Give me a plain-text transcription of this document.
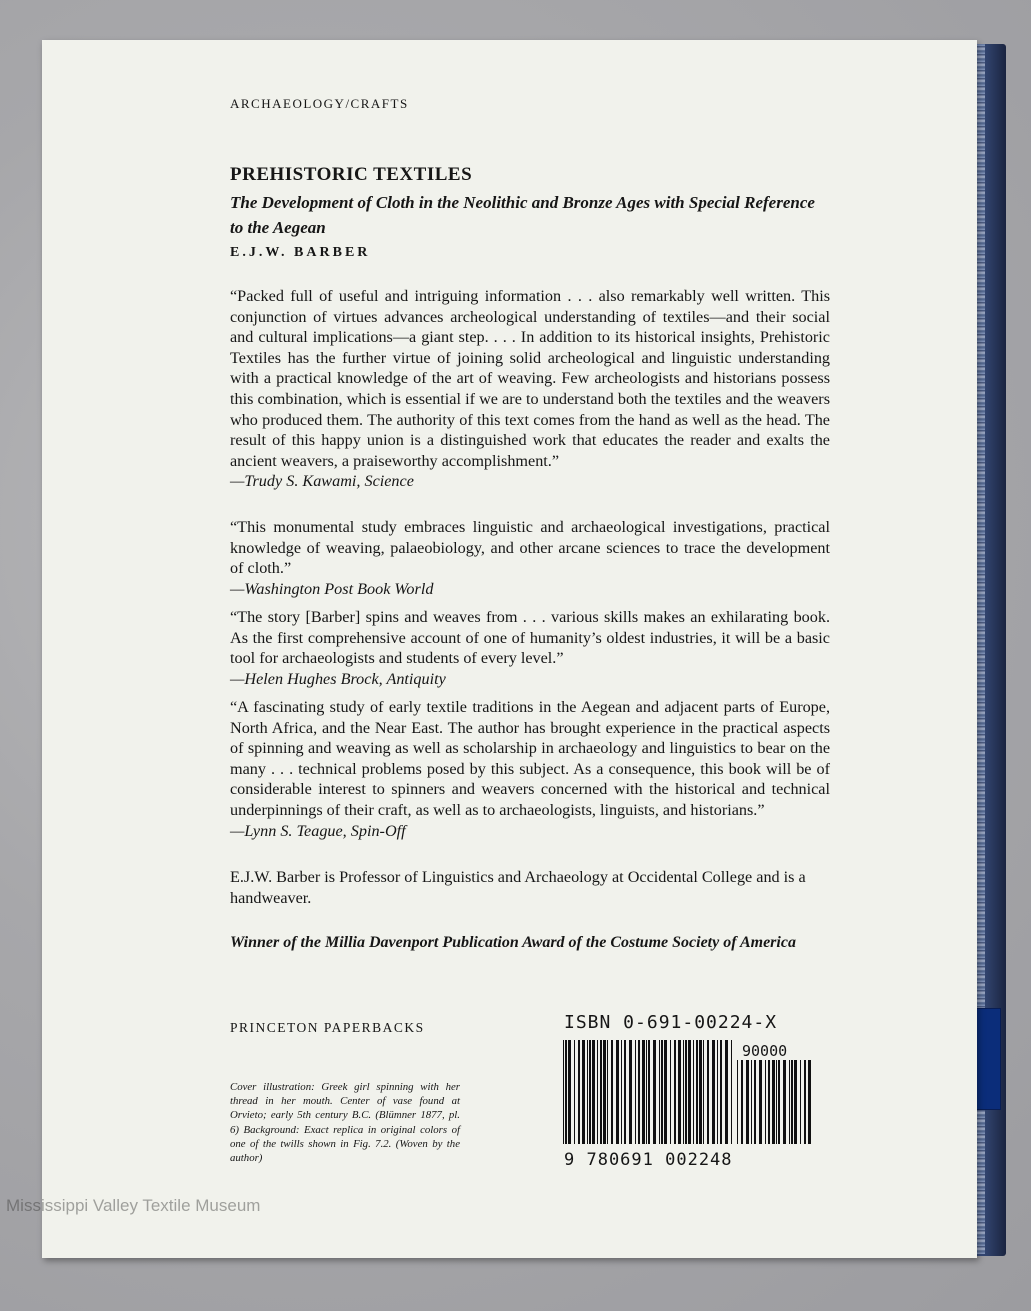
ARCHAEOLOGY/CRAFTS
PREHISTORIC TEXTILES
The Development of Cloth in the Neolithic and Bronze Ages with Special Reference to the Aegean
E.J.W. BARBER
“Packed full of useful and intriguing information . . . also remarkably well written. This conjunction of virtues advances archeological understanding of textiles—and their social and cultural implications—a giant step. . . . In addition to its historical insights, Prehistoric Textiles has the further virtue of joining solid archeological and linguistic understanding with a practical knowledge of the art of weaving. Few archeologists and historians possess this combination, which is essential if we are to understand both the textiles and the weavers who produced them. The authority of this text comes from the hand as well as the head. The result of this happy union is a distinguished work that educates the reader and exalts the ancient weavers, a praiseworthy accomplishment.”
—Trudy S. Kawami, Science
“This monumental study embraces linguistic and archaeological investigations, practical knowledge of weaving, palaeobiology, and other arcane sciences to trace the development of cloth.”
—Washington Post Book World
“The story [Barber] spins and weaves from . . . various skills makes an exhilarating book. As the first comprehensive account of one of humanity’s oldest industries, it will be a basic tool for archaeologists and students of every level.”
—Helen Hughes Brock, Antiquity
“A fascinating study of early textile traditions in the Aegean and adjacent parts of Europe, North Africa, and the Near East. The author has brought experience in the practical aspects of spinning and weaving as well as scholarship in archaeology and linguistics to bear on the many . . . technical problems posed by this subject. As a consequence, this book will be of considerable interest to spinners and weavers concerned with the historical and technical underpinnings of their craft, as well as to archaeologists, linguists, and historians.”
—Lynn S. Teague, Spin-Off
E.J.W. Barber is Professor of Linguistics and Archaeology at Occidental College and is a handweaver.
Winner of the Millia Davenport Publication Award of the Costume Society of America
PRINCETON PAPERBACKS
Cover illustration: Greek girl spinning with her thread in her mouth. Center of vase found at Orvieto; early 5th century B.C. (Blümner 1877, pl. 6) Background: Exact replica in original colors of one of the twills shown in Fig. 7.2. (Woven by the author)
ISBN 0-691-00224-X
90000
9 780691 002248
Mississippi Valley Textile Museum
